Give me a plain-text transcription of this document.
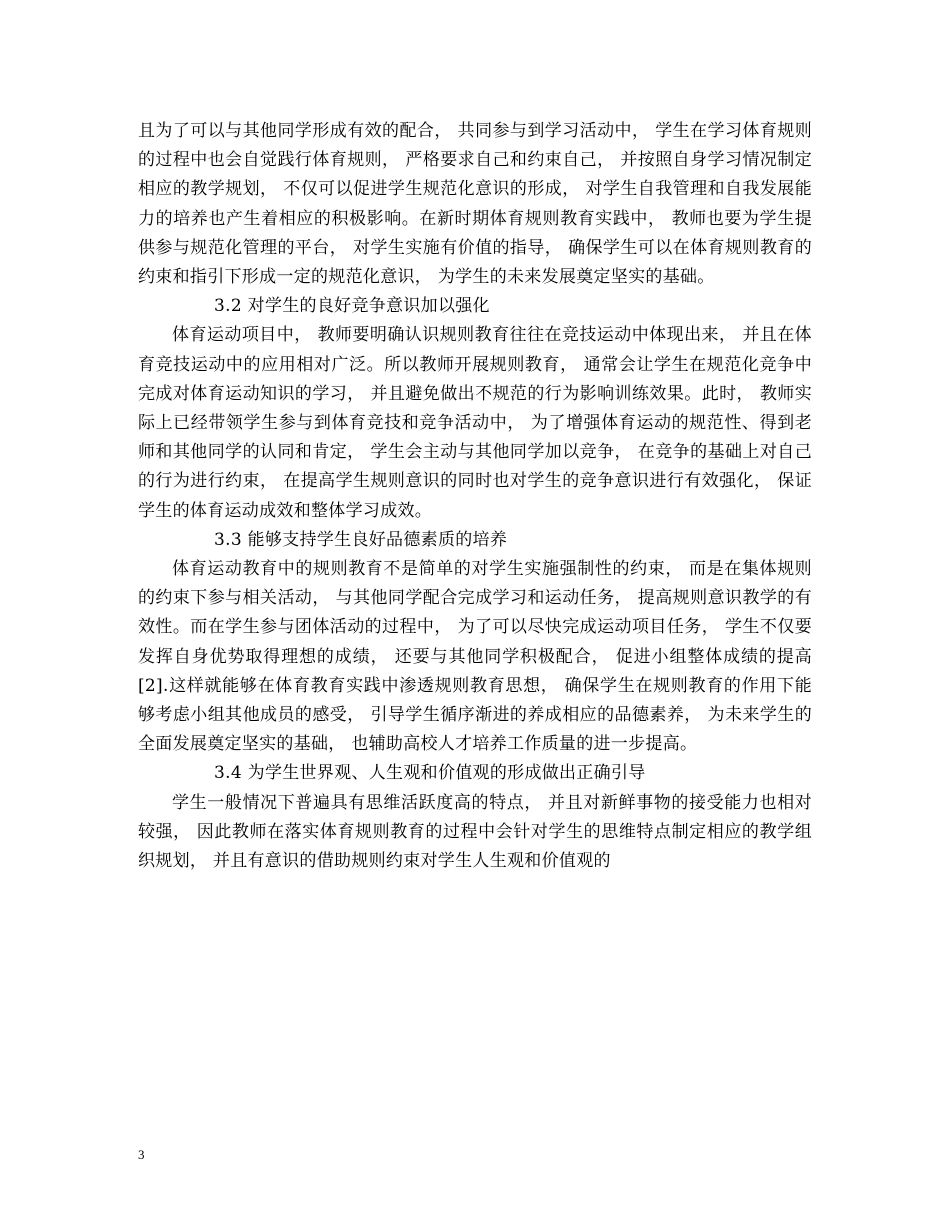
且为了可以与其他同学形成有效的配合， 共同参与到学习活动中， 学生在学习体育规则的过程中也会自觉践行体育规则， 严格要求自己和约束自己， 并按照自身学习情况制定相应的教学规划， 不仅可以促进学生规范化意识的形成， 对学生自我管理和自我发展能力的培养也产生着相应的积极影响。在新时期体育规则教育实践中， 教师也要为学生提供参与规范化管理的平台， 对学生实施有价值的指导， 确保学生可以在体育规则教育的约束和指引下形成一定的规范化意识， 为学生的未来发展奠定坚实的基础。

3.2 对学生的良好竞争意识加以强化

体育运动项目中， 教师要明确认识规则教育往往在竞技运动中体现出来， 并且在体育竞技运动中的应用相对广泛。所以教师开展规则教育， 通常会让学生在规范化竞争中完成对体育运动知识的学习， 并且避免做出不规范的行为影响训练效果。此时， 教师实际上已经带领学生参与到体育竞技和竞争活动中， 为了增强体育运动的规范性、得到老师和其他同学的认同和肯定， 学生会主动与其他同学加以竞争， 在竞争的基础上对自己的行为进行约束， 在提高学生规则意识的同时也对学生的竞争意识进行有效强化， 保证学生的体育运动成效和整体学习成效。

3.3 能够支持学生良好品德素质的培养

体育运动教育中的规则教育不是简单的对学生实施强制性的约束， 而是在集体规则的约束下参与相关活动， 与其他同学配合完成学习和运动任务， 提高规则意识教学的有效性。而在学生参与团体活动的过程中， 为了可以尽快完成运动项目任务， 学生不仅要发挥自身优势取得理想的成绩， 还要与其他同学积极配合， 促进小组整体成绩的提高[2].这样就能够在体育教育实践中渗透规则教育思想， 确保学生在规则教育的作用下能够考虑小组其他成员的感受， 引导学生循序渐进的养成相应的品德素养， 为未来学生的全面发展奠定坚实的基础， 也辅助高校人才培养工作质量的进一步提高。

3.4 为学生世界观、人生观和价值观的形成做出正确引导

学生一般情况下普遍具有思维活跃度高的特点， 并且对新鲜事物的接受能力也相对较强， 因此教师在落实体育规则教育的过程中会针对学生的思维特点制定相应的教学组织规划， 并且有意识的借助规则约束对学生人生观和价值观的

3
